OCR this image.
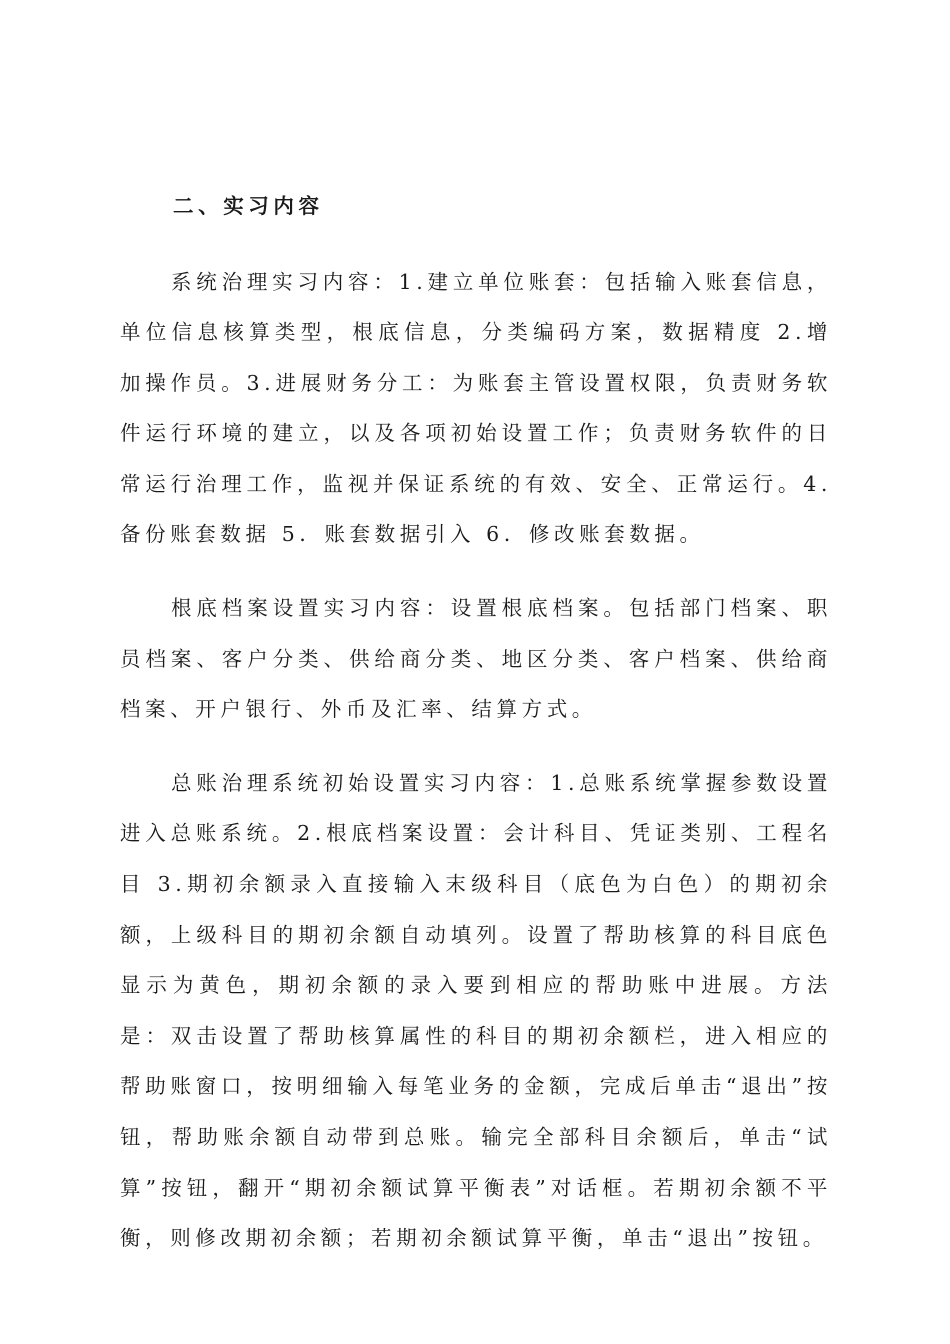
二、实习内容

系统治理实习内容：1.建立单位账套：包括输入账套信息，单位信息核算类型，根底信息，分类编码方案，数据精度 2.增加操作员。3.进展财务分工：为账套主管设置权限，负责财务软件运行环境的建立，以及各项初始设置工作；负责财务软件的日常运行治理工作，监视并保证系统的有效、安全、正常运行。4.备份账套数据 5．账套数据引入 6．修改账套数据。

根底档案设置实习内容：设置根底档案。包括部门档案、职员档案、客户分类、供给商分类、地区分类、客户档案、供给商档案、开户银行、外币及汇率、结算方式。

总账治理系统初始设置实习内容：1.总账系统掌握参数设置进入总账系统。2.根底档案设置：会计科目、凭证类别、工程名目 3.期初余额录入直接输入末级科目（底色为白色）的期初余额，上级科目的期初余额自动填列。设置了帮助核算的科目底色显示为黄色，期初余额的录入要到相应的帮助账中进展。方法是：双击设置了帮助核算属性的科目的期初余额栏，进入相应的帮助账窗口，按明细输入每笔业务的金额，完成后单击“退出”按钮，帮助账余额自动带到总账。输完全部科目余额后，单击“试算”按钮，翻开“期初余额试算平衡表”对话框。若期初余额不平衡，则修改期初余额；若期初余额试算平衡，单击“退出”按钮。
